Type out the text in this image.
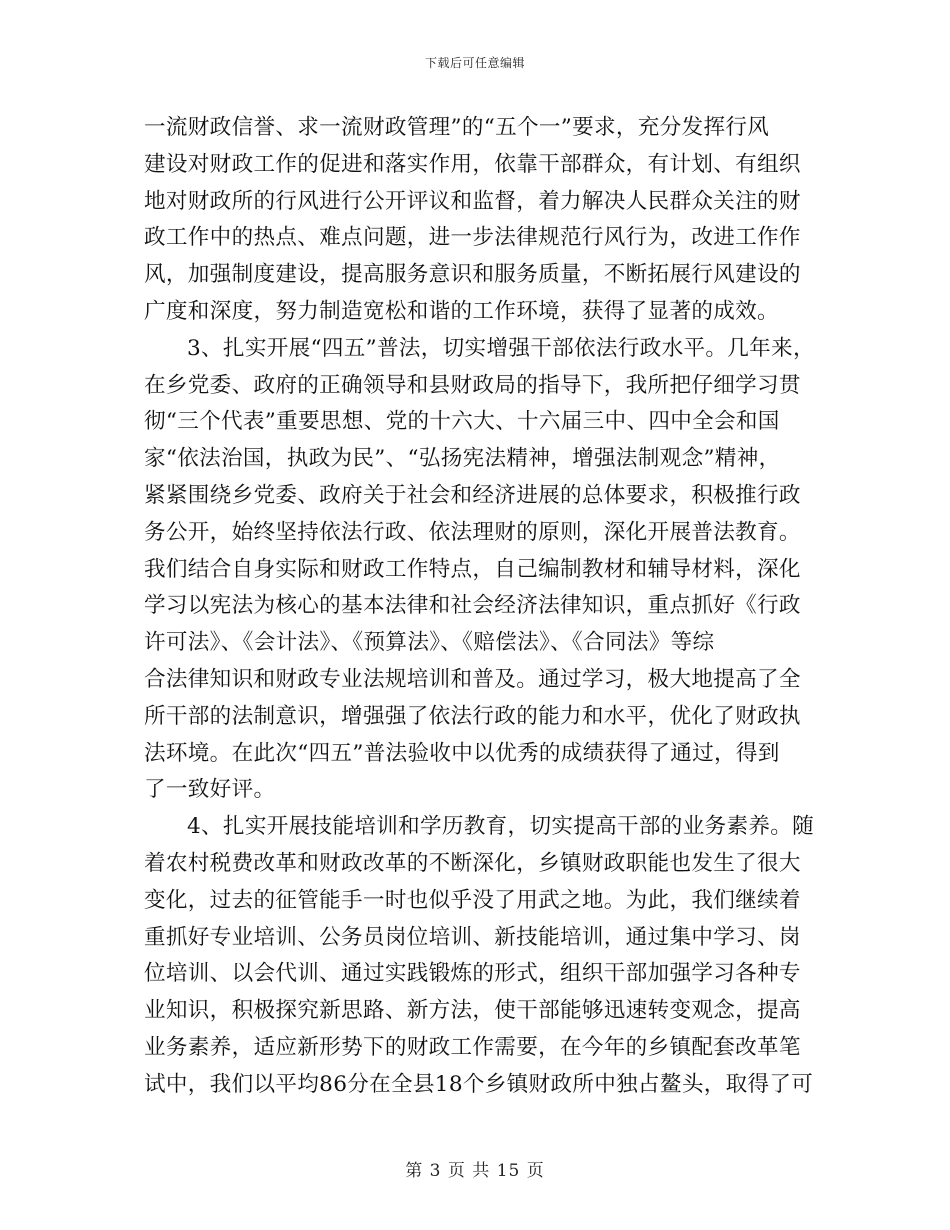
下载后可任意编辑
一流财政信誉、求一流财政管理”的“五个一”要求，充分发挥行风
建设对财政工作的促进和落实作用，依靠干部群众，有计划、有组织
地对财政所的行风进行公开评议和监督，着力解决人民群众关注的财
政工作中的热点、难点问题，进一步法律规范行风行为，改进工作作
风，加强制度建设，提高服务意识和服务质量，不断拓展行风建设的
广度和深度，努力制造宽松和谐的工作环境，获得了显著的成效。
3、扎实开展“四五”普法，切实增强干部依法行政水平。几年来，
在乡党委、政府的正确领导和县财政局的指导下，我所把仔细学习贯
彻“三个代表”重要思想、党的十六大、十六届三中、四中全会和国
家“依法治国，执政为民”、“弘扬宪法精神，增强法制观念”精神，
紧紧围绕乡党委、政府关于社会和经济进展的总体要求，积极推行政
务公开，始终坚持依法行政、依法理财的原则，深化开展普法教育。
我们结合自身实际和财政工作特点，自己编制教材和辅导材料，深化
学习以宪法为核心的基本法律和社会经济法律知识，重点抓好《行政
许可法》、《会计法》、《预算法》、《赔偿法》、《合同法》等综
合法律知识和财政专业法规培训和普及。通过学习，极大地提高了全
所干部的法制意识，增强强了依法行政的能力和水平，优化了财政执
法环境。在此次“四五”普法验收中以优秀的成绩获得了通过，得到
了一致好评。
4、扎实开展技能培训和学历教育，切实提高干部的业务素养。随
着农村税费改革和财政改革的不断深化，乡镇财政职能也发生了很大
变化，过去的征管能手一时也似乎没了用武之地。为此，我们继续着
重抓好专业培训、公务员岗位培训、新技能培训，通过集中学习、岗
位培训、以会代训、通过实践锻炼的形式，组织干部加强学习各种专
业知识，积极探究新思路、新方法，使干部能够迅速转变观念，提高
业务素养，适应新形势下的财政工作需要，在今年的乡镇配套改革笔
试中，我们以平均86分在全县18个乡镇财政所中独占鳌头，取得了可
第 3 页 共 15 页
